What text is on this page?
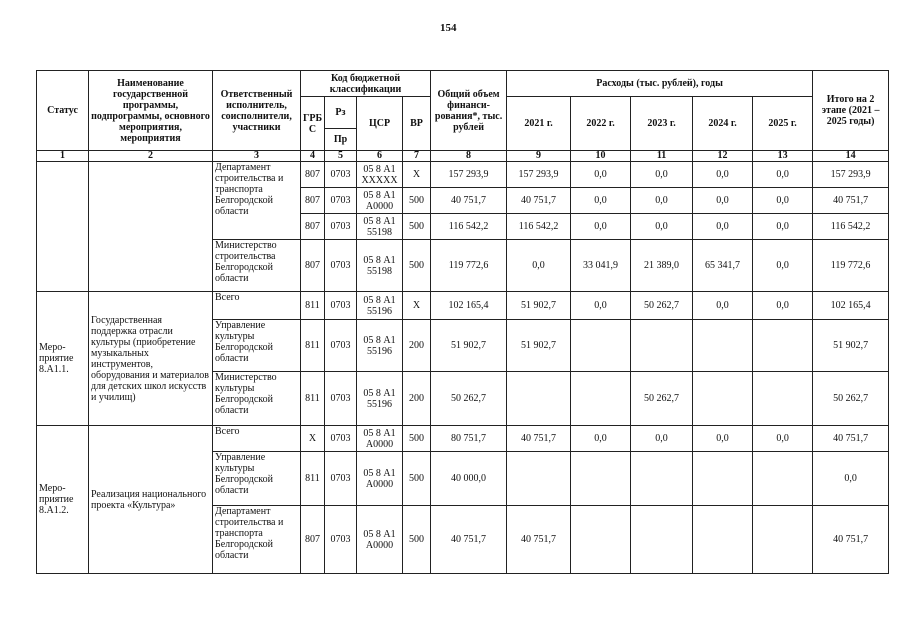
154
Статус	Наименование государственной программы, подпрограммы, основного мероприятия, мероприятия	Ответственный исполнитель, соисполнители, участники	Код бюджетной классификации				Общий объем финанси-рования*, тыс. рублей	Расходы (тыс. рублей), годы					Итого на 2 этапе (2021 – 2025 годы)
			ГРБ С	Рз	ЦСР	ВР		2021 г.	2022 г.	2023 г.	2024 г.	2025 г.	
				Пр									
1	2	3	4	5	6	7	8	9	10	11	12	13	14
		Департамент строительства и транспорта Белгородской области	807	0703	05 8 А1 XXXXX	X	157 293,9	157 293,9	0,0	0,0	0,0	0,0	157 293,9
			807	0703	05 8 А1 А0000	500	40 751,7	40 751,7	0,0	0,0	0,0	0,0	40 751,7
			807	0703	05 8 А1 55198	500	116 542,2	116 542,2	0,0	0,0	0,0	0,0	116 542,2
		Министерство строительства Белгородской области	807	0703	05 8 А1 55198	500	119 772,6	0,0	33 041,9	21 389,0	65 341,7	0,0	119 772,6
Меро-приятие 8.А1.1.	Государственная поддержка отрасли культуры (приобретение музыкальных инструментов, оборудования и материалов для детских школ искусств и училищ)	Всего	811	0703	05 8 А1 55196	X	102 165,4	51 902,7	0,0	50 262,7	0,0	0,0	102 165,4
		Управление культуры Белгородской области	811	0703	05 8 А1 55196	200	51 902,7	51 902,7					51 902,7
		Министерство культуры Белгородской области	811	0703	05 8 А1 55196	200	50 262,7			50 262,7			50 262,7
Меро-приятие 8.А1.2.	Реализация национального проекта «Культура»	Всего	X	0703	05 8 А1 А0000	500	80 751,7	40 751,7	0,0	0,0	0,0	0,0	40 751,7
		Управление культуры Белгородской области	811	0703	05 8 А1 А0000	500	40 000,0						0,0
		Департамент строительства и транспорта Белгородской области	807	0703	05 8 А1 А0000	500	40 751,7	40 751,7					40 751,7
